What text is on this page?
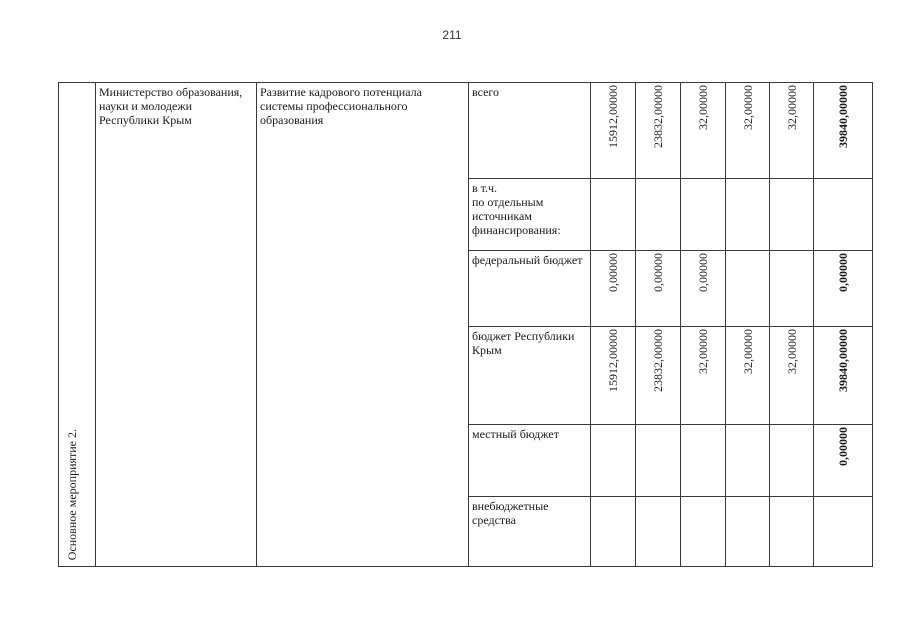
211
Основное мероприятие 2.	Министерство образования, науки и молодежи Республики Крым	Развитие кадрового потенциала системы профессионального образования	всего	15912,00000	23832,00000	32,00000	32,00000	32,00000	39840,00000
			в т.ч.
по отдельным источникам финансирования:						
			федеральный бюджет	0,00000	0,00000	0,00000			0,00000
			бюджет Республики Крым	15912,00000	23832,00000	32,00000	32,00000	32,00000	39840,00000
			местный бюджет						0,00000
			внебюджетные средства						
